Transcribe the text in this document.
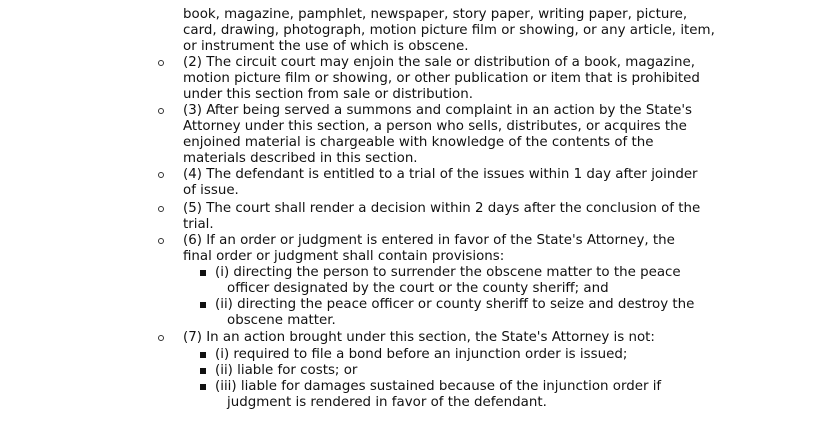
book, magazine, pamphlet, newspaper, story paper, writing paper, picture,
card, drawing, photograph, motion picture film or showing, or any article, item,
or instrument the use of which is obscene.
(2) The circuit court may enjoin the sale or distribution of a book, magazine,
motion picture film or showing, or other publication or item that is prohibited
under this section from sale or distribution.
(3) After being served a summons and complaint in an action by the State's
Attorney under this section, a person who sells, distributes, or acquires the
enjoined material is chargeable with knowledge of the contents of the
materials described in this section.
(4) The defendant is entitled to a trial of the issues within 1 day after joinder
of issue.
(5) The court shall render a decision within 2 days after the conclusion of the
trial.
(6) If an order or judgment is entered in favor of the State's Attorney, the
final order or judgment shall contain provisions:
(i) directing the person to surrender the obscene matter to the peace
officer designated by the court or the county sheriff; and
(ii) directing the peace officer or county sheriff to seize and destroy the
obscene matter.
(7) In an action brought under this section, the State's Attorney is not:
(i) required to file a bond before an injunction order is issued;
(ii) liable for costs; or
(iii) liable for damages sustained because of the injunction order if
judgment is rendered in favor of the defendant.
